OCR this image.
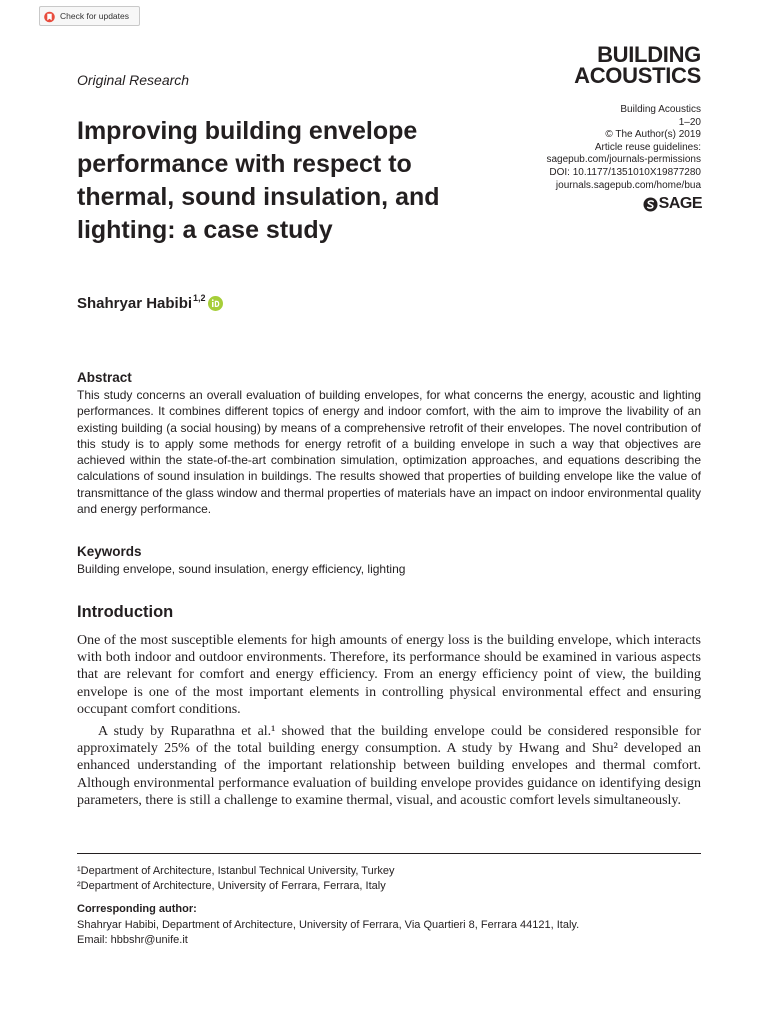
Check for updates
BUILDING
ACOUSTICS
Original Research
Building Acoustics
1–20
© The Author(s) 2019
Article reuse guidelines:
sagepub.com/journals-permissions
DOI: 10.1177/1351010X19877280
journals.sagepub.com/home/bua
SAGE
Improving building envelope performance with respect to thermal, sound insulation, and lighting: a case study
Shahryar Habibi 1,2
Abstract

This study concerns an overall evaluation of building envelopes, for what concerns the energy, acoustic and lighting performances. It combines different topics of energy and indoor comfort, with the aim to improve the livability of an existing building (a social housing) by means of a comprehensive retrofit of their envelopes. The novel contribution of this study is to apply some methods for energy retrofit of a building envelope in such a way that objectives are achieved within the state-of-the-art combination simulation, optimization approaches, and equations describing the calculations of sound insulation in buildings. The results showed that properties of building envelope like the value of transmittance of the glass window and thermal properties of materials have an impact on indoor environmental quality and energy performance.

Keywords
Building envelope, sound insulation, energy efficiency, lighting
Introduction

One of the most susceptible elements for high amounts of energy loss is the building envelope, which interacts with both indoor and outdoor environments. Therefore, its performance should be examined in various aspects that are relevant for comfort and energy efficiency. From an energy efficiency point of view, the building envelope is one of the most important elements in controlling physical environmental effect and ensuring occupant comfort conditions.

A study by Ruparathna et al.¹ showed that the building envelope could be considered responsible for approximately 25% of the total building energy consumption. A study by Hwang and Shu² developed an enhanced understanding of the important relationship between building envelopes and thermal comfort. Although environmental performance evaluation of building envelope provides guidance on identifying design parameters, there is still a challenge to examine thermal, visual, and acoustic comfort levels simultaneously.

¹Department of Architecture, Istanbul Technical University, Turkey
²Department of Architecture, University of Ferrara, Ferrara, Italy
Corresponding author:
Shahryar Habibi, Department of Architecture, University of Ferrara, Via Quartieri 8, Ferrara 44121, Italy.
Email: hbbshr@unife.it
